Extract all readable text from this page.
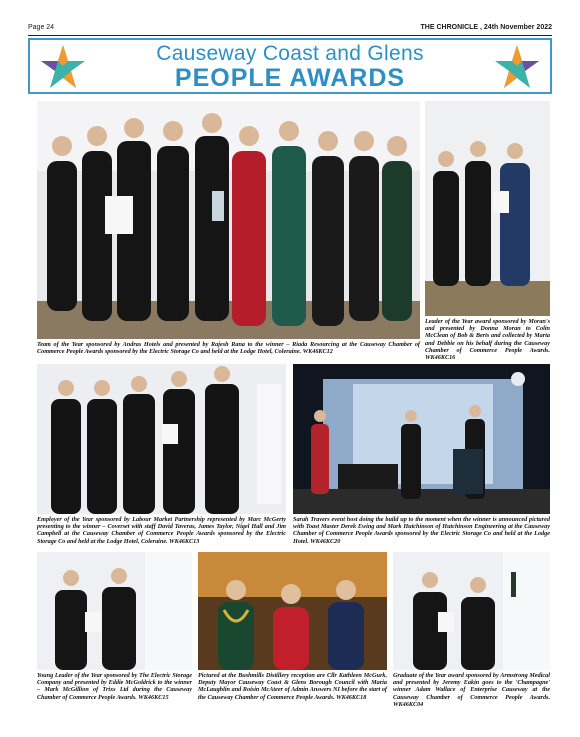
Page 24	THE CHRONICLE , 24th November 2022
Causeway Coast and Glens
PEOPLE AWARDS
Team of the Year sponsored by Andras Hotels and presented by Rajesh Rana to the winner – Riada Resourcing at the Causeway Chamber of Commerce People Awards sponsored by the Electric Storage Co and held at the Lodge Hotel, Coleraine. WK46KC12
Leader of the Year award sponsored by Moran's and presented by Donna Moran to Colin McClean of Bob & Berts and collected by Marta and Debbie on his behalf during the Causeway Chamber of Commerce People Awards. WK46KC16
Employer of the Year sponsored by Labour Market Partnership represented by Marc McGerty presenting to the winner – Coverset with staff David Taveras, James Taylor, Nigel Hall and Jim Campbell at the Causeway Chamber of Commerce People Awards sponsored by the Electric Storage Co and held at the Lodge Hotel, Coleraine. WK46KC13
Sarah Travers event host doing the build up to the moment when the winner is announced pictured with Toast Master Derek Ewing and Mark Hutchinson of Hutchinson Engineering at the Causeway Chamber of Commerce People Awards sponsored by the Electric Storage Co and held at the Lodge Hotel. WK46KC20
Young Leader of the Year sponsored by The Electric Storage Company and presented by Eddie McGoldrick to the winner – Mark McGillion of Trixs Ltd during the Causeway Chamber of Commerce People Awards. WK46KC15
Pictured at the Bushmills Distillery reception are Cllr Kathleen McGurk, Deputy Mayor Causeway Coast & Glens Borough Council with Maria McLaughlin and Roisin McAteer of Admin Answers NI before the start of the Causeway Chamber of Commerce People Awards. WK46KC18
Graduate of the Year award sponsored by Armstrong Medical and presented by Jeremy Eakin goes to the 'Champagne' winner Adam Wallace of Enterprise Causeway at the Causeway Chamber of Commerce People Awards. WK46KC04
